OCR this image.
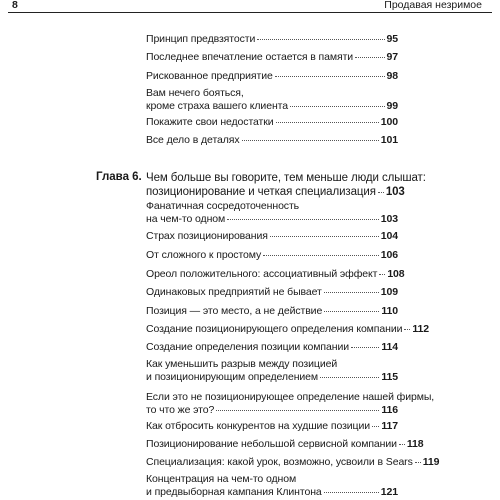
8	Продавая незримое
Принцип предвзятости	95
Последнее впечатление остается в памяти	97
Рискованное предприятие	98
Вам нечего бояться,
кроме страха вашего клиента	99
Покажите свои недостатки	100
Все дело в деталях	101
Глава 6. Чем больше вы говорите, тем меньше люди слышат:
позиционирование и четкая специализация 103
Фанатичная сосредоточенность
на чем-то одном	103
Страх позиционирования	104
От сложного к простому	106
Ореол положительного: ассоциативный эффект 108
Одинаковых предприятий не бывает	109
Позиция — это место, а не действие	110
Создание позиционирующего определения компании 112
Создание определения позиции компании	114
Как уменьшить разрыв между позицией
и позиционирующим определением	115
Если это не позиционирующее определение нашей фирмы,
то что же это?	116
Как отбросить конкурентов на худшие позиции 117
Позиционирование небольшой сервисной компании 118
Специализация: какой урок, возможно, усвоили в Sears 119
Концентрация на чем-то одном
и предвыборная кампания Клинтона	121
